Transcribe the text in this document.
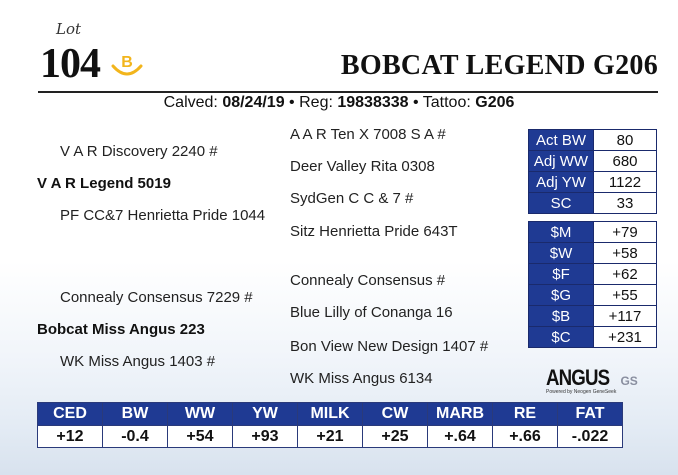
Lot
104 B	BOBCAT LEGEND G206
Calved: 08/24/19 • Reg: 19838338 • Tattoo: G206
V A R Discovery 2240 #
V A R Legend 5019
PF CC&7 Henrietta Pride 1044
Connealy Consensus 7229 #
Bobcat Miss Angus 223
WK Miss Angus 1403 #
A A R Ten X 7008 S A #
Deer Valley Rita 0308
SydGen C C & 7 #
Sitz Henrietta Pride 643T
Connealy Consensus #
Blue Lilly of Conanga 16
Bon View New Design 1407 #
WK Miss Angus 6134
Act BW	80
Adj WW	680
Adj YW	1122
SC	33
$M	+79
$W	+58
$F	+62
$G	+55
$B	+117
$C	+231
ANGUS GS
Powered by Neogen GeneSeek
CED	BW	WW	YW	MILK	CW	MARB	RE	FAT
+12	-0.4	+54	+93	+21	+25	+.64	+.66	-.022
